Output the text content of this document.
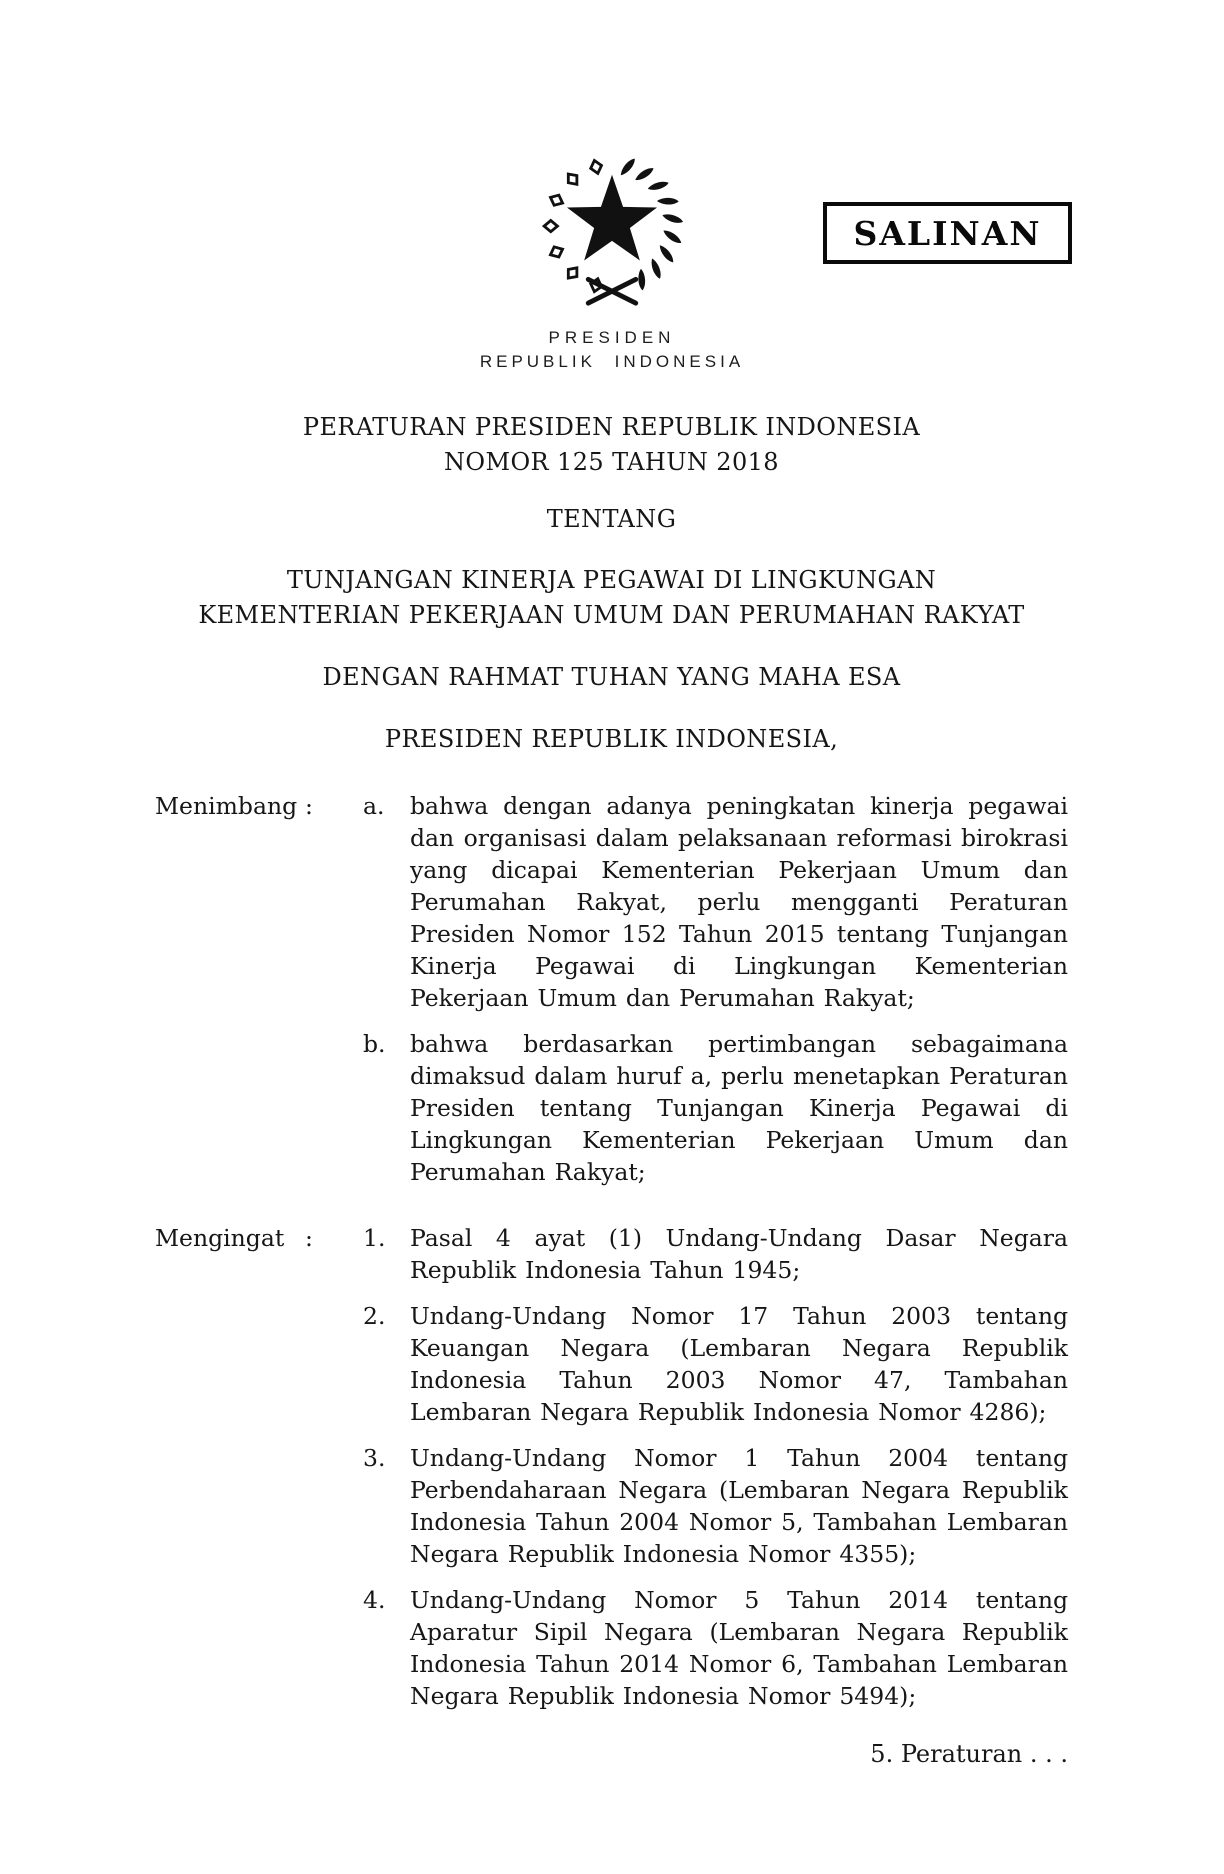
SALINAN
PRESIDEN
REPUBLIK INDONESIA
PERATURAN PRESIDEN REPUBLIK INDONESIA
NOMOR 125 TAHUN 2018
TENTANG
TUNJANGAN KINERJA PEGAWAI DI LINGKUNGAN
KEMENTERIAN PEKERJAAN UMUM DAN PERUMAHAN RAKYAT
DENGAN RAHMAT TUHAN YANG MAHA ESA
PRESIDEN REPUBLIK INDONESIA,
Menimbang :	a.	bahwa dengan adanya peningkatan kinerja pegawai dan organisasi dalam pelaksanaan reformasi birokrasi yang dicapai Kementerian Pekerjaan Umum dan Perumahan Rakyat, perlu mengganti Peraturan Presiden Nomor 152 Tahun 2015 tentang Tunjangan Kinerja Pegawai di Lingkungan Kementerian Pekerjaan Umum dan Perumahan Rakyat;
b.	bahwa berdasarkan pertimbangan sebagaimana dimaksud dalam huruf a, perlu menetapkan Peraturan Presiden tentang Tunjangan Kinerja Pegawai di Lingkungan Kementerian Pekerjaan Umum dan Perumahan Rakyat;
Mengingat :	1.	Pasal 4 ayat (1) Undang-Undang Dasar Negara Republik Indonesia Tahun 1945;
2.	Undang-Undang Nomor 17 Tahun 2003 tentang Keuangan Negara (Lembaran Negara Republik Indonesia Tahun 2003 Nomor 47, Tambahan Lembaran Negara Republik Indonesia Nomor 4286);
3.	Undang-Undang Nomor 1 Tahun 2004 tentang Perbendaharaan Negara (Lembaran Negara Republik Indonesia Tahun 2004 Nomor 5, Tambahan Lembaran Negara Republik Indonesia Nomor 4355);
4.	Undang-Undang Nomor 5 Tahun 2014 tentang Aparatur Sipil Negara (Lembaran Negara Republik Indonesia Tahun 2014 Nomor 6, Tambahan Lembaran Negara Republik Indonesia Nomor 5494);
5. Peraturan . . .
